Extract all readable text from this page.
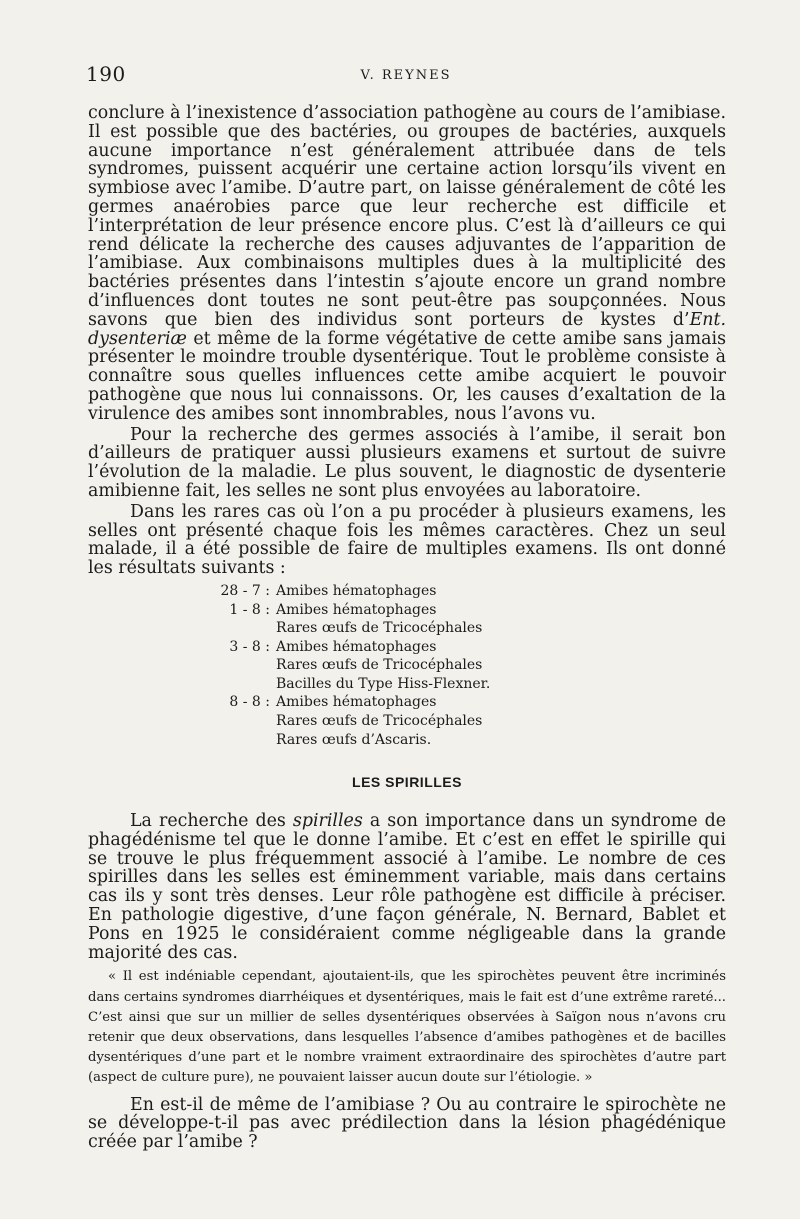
190	V. REYNES

conclure à l’inexistence d’association pathogène au cours de l’amibiase. Il est possible que des bactéries, ou groupes de bactéries, auxquels aucune importance n’est généralement attribuée dans de tels syndromes, puissent acquérir une certaine action lorsqu’ils vivent en symbiose avec l’amibe. D’autre part, on laisse généralement de côté les germes anaérobies parce que leur recherche est difficile et l’interprétation de leur présence encore plus. C’est là d’ailleurs ce qui rend délicate la recherche des causes adjuvantes de l’apparition de l’amibiase. Aux combinaisons multiples dues à la multiplicité des bactéries présentes dans l’intestin s’ajoute encore un grand nombre d’influences dont toutes ne sont peut-être pas soupçonnées. Nous savons que bien des individus sont porteurs de kystes d’Ent. dysenteriæ et même de la forme végétative de cette amibe sans jamais présenter le moindre trouble dysentérique. Tout le problème consiste à connaître sous quelles influences cette amibe acquiert le pouvoir pathogène que nous lui connaissons. Or, les causes d’exaltation de la virulence des amibes sont innombrables, nous l’avons vu.

Pour la recherche des germes associés à l’amibe, il serait bon d’ailleurs de pratiquer aussi plusieurs examens et surtout de suivre l’évolution de la maladie. Le plus souvent, le diagnostic de dysenterie amibienne fait, les selles ne sont plus envoyées au laboratoire.

Dans les rares cas où l’on a pu procéder à plusieurs examens, les selles ont présenté chaque fois les mêmes caractères. Chez un seul malade, il a été possible de faire de multiples examens. Ils ont donné les résultats suivants :

28 - 7 : Amibes hématophages
1 - 8 : Amibes hématophages
Rares œufs de Tricocéphales
3 - 8 : Amibes hématophages
Rares œufs de Tricocéphales
Bacilles du Type Hiss-Flexner.
8 - 8 : Amibes hématophages
Rares œufs de Tricocéphales
Rares œufs d’Ascaris.

LES SPIRILLES

La recherche des spirilles a son importance dans un syndrome de phagédénisme tel que le donne l’amibe. Et c’est en effet le spirille qui se trouve le plus fréquemment associé à l’amibe. Le nombre de ces spirilles dans les selles est éminemment variable, mais dans certains cas ils y sont très denses. Leur rôle pathogène est difficile à préciser. En pathologie digestive, d’une façon générale, N. Bernard, Bablet et Pons en 1925 le considéraient comme négligeable dans la grande majorité des cas.

« Il est indéniable cependant, ajoutaient-ils, que les spirochètes peuvent être incriminés dans certains syndromes diarrhéiques et dysentériques, mais le fait est d’une extrême rareté... C’est ainsi que sur un millier de selles dysentériques observées à Saïgon nous n’avons cru retenir que deux observations, dans lesquelles l’absence d’amibes pathogènes et de bacilles dysentériques d’une part et le nombre vraiment extraordinaire des spirochètes d’autre part (aspect de culture pure), ne pouvaient laisser aucun doute sur l’étiologie. »

En est-il de même de l’amibiase ? Ou au contraire le spirochète ne se développe-t-il pas avec prédilection dans la lésion phagédénique créée par l’amibe ?
